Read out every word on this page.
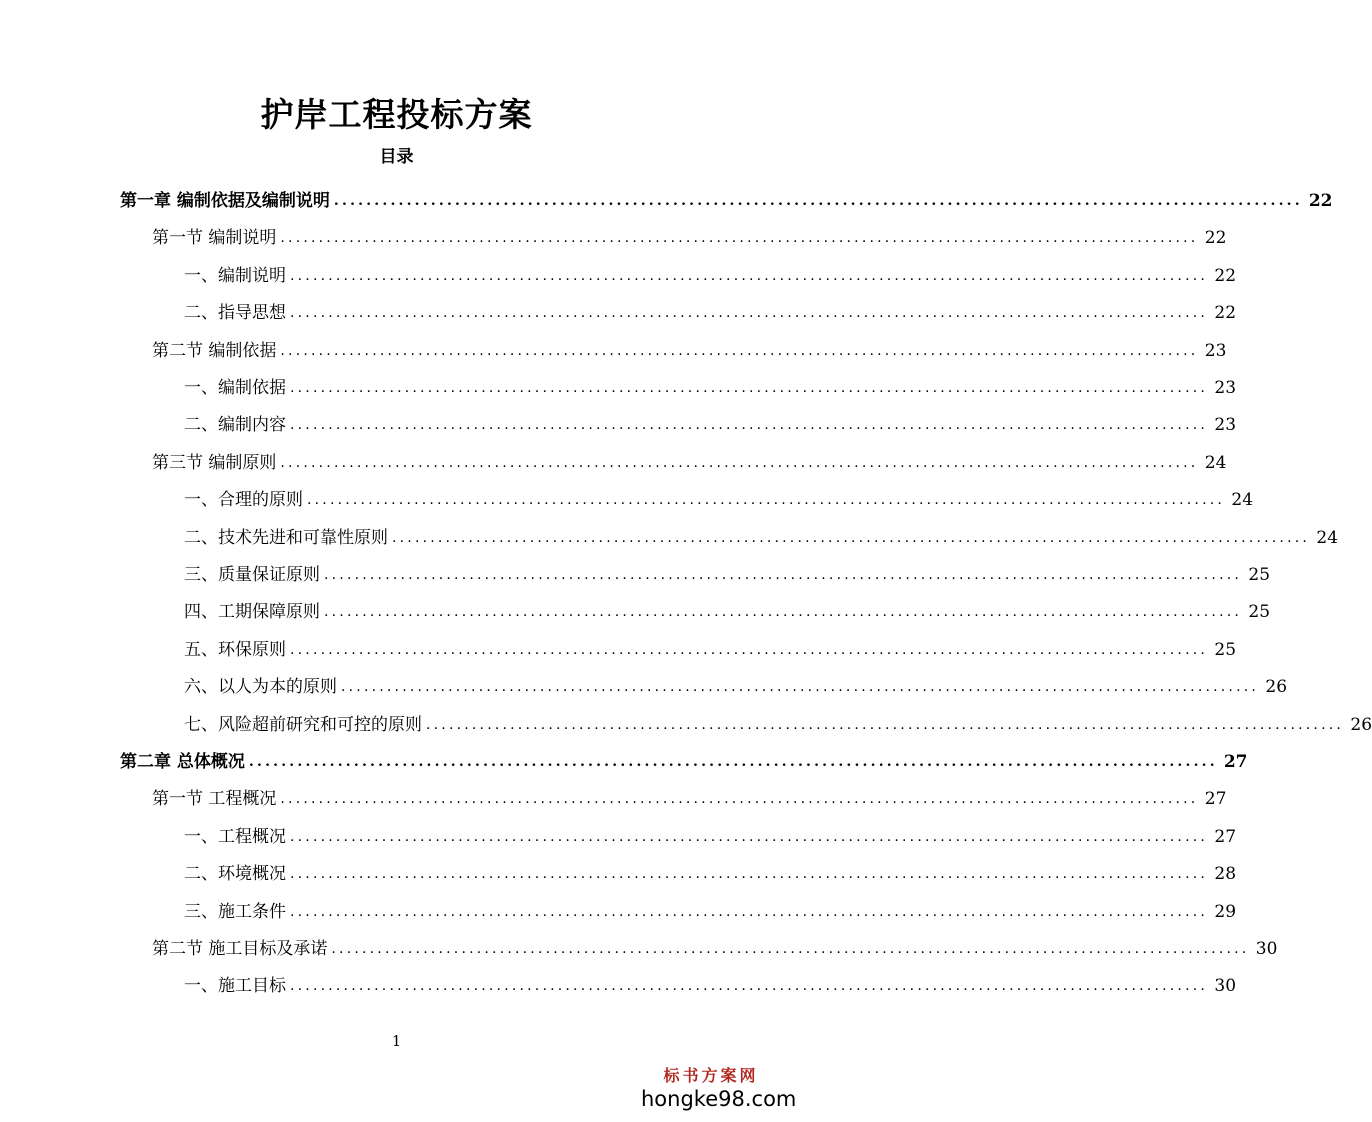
护岸工程投标方案
目录
第一章 编制依据及编制说明 ........................................................................................................................ 22
第一节 编制说明 ........................................................................................................................ 22
一、编制说明 ........................................................................................................................ 22
二、指导思想 ........................................................................................................................ 22
第二节 编制依据 ........................................................................................................................ 23
一、编制依据 ........................................................................................................................ 23
二、编制内容 ........................................................................................................................ 23
第三节 编制原则 ........................................................................................................................ 24
一、合理的原则 ........................................................................................................................ 24
二、技术先进和可靠性原则 ........................................................................................................................ 24
三、质量保证原则 ........................................................................................................................ 25
四、工期保障原则 ........................................................................................................................ 25
五、环保原则 ........................................................................................................................ 25
六、以人为本的原则 ........................................................................................................................ 26
七、风险超前研究和可控的原则 ........................................................................................................................ 26
第二章 总体概况 ........................................................................................................................ 27
第一节 工程概况 ........................................................................................................................ 27
一、工程概况 ........................................................................................................................ 27
二、环境概况 ........................................................................................................................ 28
三、施工条件 ........................................................................................................................ 29
第二节 施工目标及承诺 ........................................................................................................................ 30
一、施工目标 ........................................................................................................................ 30
1
标书方案网
hongke98.com
